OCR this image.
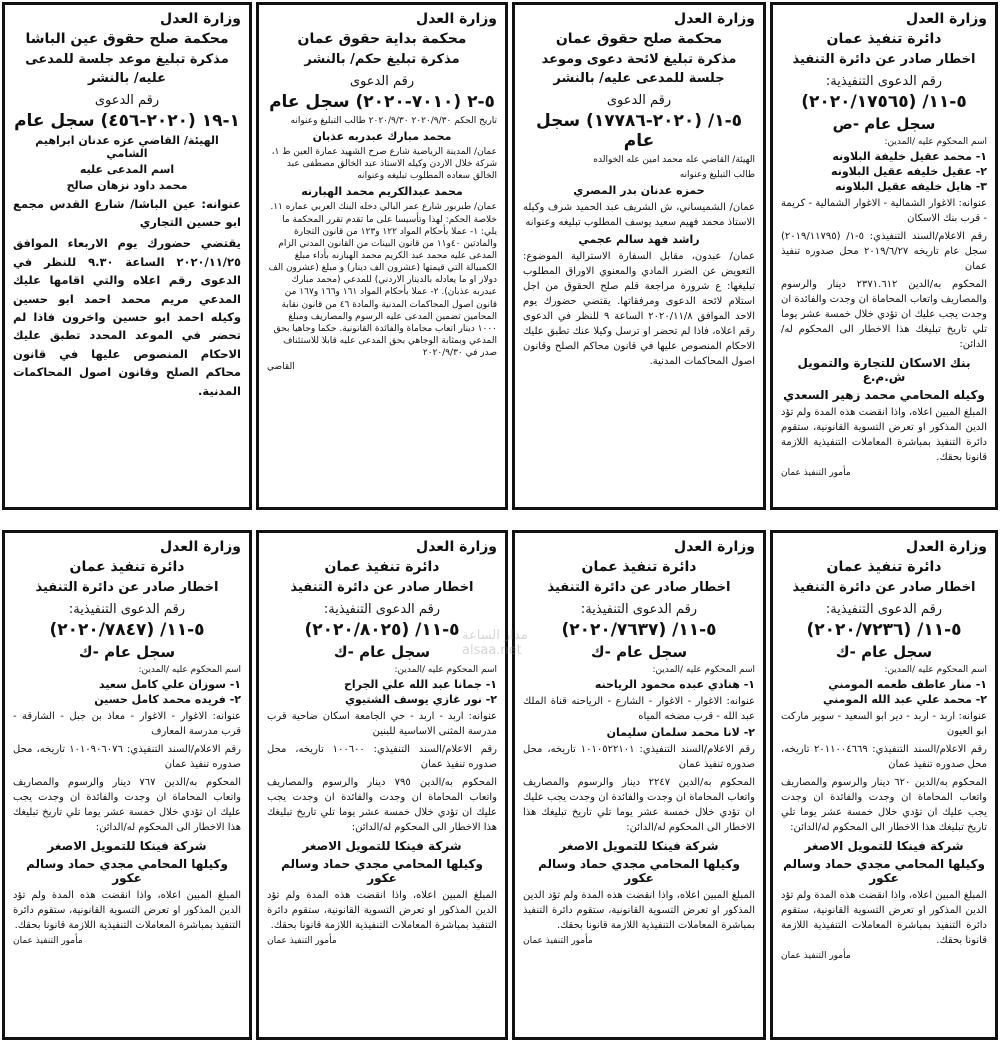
وزارة العدل
دائرة تنفيذ عمان
اخطار صادر عن دائرة التنفيذ
رقم الدعوى التنفيذية:
٥-١١/ (٢٠٢٠/١٧٥٦٥)
سجل عام -ص
اسم المحكوم عليه /المدين:
١- محمد عقيل خليفة البلاونه
٢- عقيل خليفه عقيل البلاونه
٣- هايل خليفه عقيل البلاونه
عنوانه: الاغوار الشمالية - الاغوار الشمالية - كريمة - قرب بنك الاسكان
رقم الاعلام/السند التنفيذي: ٥-١/ (٢٠١٩/١١٧٩٥) سجل عام تاريخه ٢٠١٩/٦/٢٧ محل صدوره تنفيذ عمان
المحكوم به/الدين ٢٣٧١.٦١٢ دينار والرسوم والمصاريف واتعاب المحاماة ان وجدت والفائدة ان وجدت يجب عليك ان تؤدي خلال خمسة عشر يوما تلي تاريخ تبليغك هذا الاخطار الى المحكوم له/الدائن:
بنك الاسكان للتجارة والتمويل ش.م.ع
وكيله المحامي محمد زهير السعدي
المبلغ المبين اعلاه، واذا انقضت هذه المدة ولم تؤد الدين المذكور او تعرض التسوية القانونية، ستقوم دائرة التنفيذ بمباشرة المعاملات التنفيذية اللازمة قانونا بحقك.
مأمور التنفيذ عمان
وزارة العدل
محكمة صلح حقوق عمان
مذكرة تبليغ لائحة دعوى وموعد جلسة للمدعى عليه/ بالنشر
رقم الدعوى
٥-١/ (٢٠٢٠-١٧٧٨٦) سجل عام
الهيئة/ القاضي عله محمد امين عله الخوالده
طالب التبليغ وعنوانه
حمزه عدنان بدر المصري
عمان/ الشميساني، ش الشريف عبد الحميد شرف وكيله الاستاذ محمد فهيم سعيد يوسف المطلوب تبليغه وعنوانه
راشد فهد سالم عجمي
عمان/ عبدون، مقابل السفارة الاسترالية الموضوع: التعويض عن الضرر المادي والمعنوي الاوراق المطلوب تبليغها: ع شرورة مراجعة قلم صلح الحقوق من اجل استلام لائحة الدعوى ومرفقاتها. يقتضي حضورك يوم الاحد الموافق ٢٠٢٠/١١/٨ الساعة ٩ للنظر في الدعوى رقم اعلاه، فاذا لم تحضر او ترسل وكيلا عنك تطبق عليك الاحكام المنصوص عليها في قانون محاكم الصلح وقانون اصول المحاكمات المدنية.
وزارة العدل
محكمة بداية حقوق عمان
مذكرة تبليغ حكم/ بالنشر
رقم الدعوى
٥-٢ (٧٠١٠-٢٠٢٠) سجل عام
تاريخ الحكم ٢٠٢٠/٩/٣٠ ٢٠٢٠/٩/٣٠ طالب التبليغ وعنوانه
محمد مبارك عبدربه عذبان
عمان/ المدينة الرياضية شارع صرح الشهيد عمارة العين ط ١، شركة خلال الاردن وكيله الاستاذ عبد الخالق مصطفى عبد الخالق سعاده المطلوب تبليغه وعنوانه
محمد عبدالكريم محمد الهبارنه
عمان/ طبربور شارع عمر البالي دخله البنك العربي عماره ١١. خلاصة الحكم: لهذا وتأسيسا على ما تقدم تقرر المحكمة ما يلي: ١- عملا بأحكام المواد ١٢٢ و١٢٣ من قانون التجارة والمادتين ٤٠و١١ من قانون البينات من القانون المدني الزام المدعى عليه محمد عبد الكريم محمد الهبارنه بأداء مبلغ الكمبيالة التي قيمتها (عشرون الف دينار) و مبلغ (عشرون الف دولار او ما يعادله بالدينار الاردني) للمدعي (محمد مبارك عبدربه عذبان). ٢- عملا بأحكام المواد ١٦١ و١٦٦ و١٦٧ من قانون اصول المحاكمات المدنية والمادة ٤٦ من قانون نقابة المحامين تضمين المدعى عليه الرسوم والمصاريف ومبلغ ١٠٠٠ دينار اتعاب محاماة والفائدة القانونية. حكما وجاهيا بحق المدعي وبمثابة الوجاهي بحق المدعى عليه قابلا للاستئناف صدر في ٢٠٢٠/٩/٣٠
القاضي
وزارة العدل
محكمة صلح حقوق عين الباشا
مذكرة تبليغ موعد جلسة للمدعى عليه/ بالنشر
رقم الدعوى
١-١٩ (٢٠٢٠-٤٥٦) سجل عام
الهيئة/ القاضي عزه عدنان ابراهيم الشامي
اسم المدعى عليه
محمد داود نزهان صالح
عنوانه: عين الباشا/ شارع القدس مجمع ابو حسين التجاري
يقتضي حضورك يوم الاربعاء الموافق ٢٠٢٠/١١/٢٥ الساعة ٩.٣٠ للنظر في الدعوى رقم اعلاه والتي اقامها عليك المدعي مريم محمد احمد ابو حسين وكيله احمد ابو حسين واخرون فاذا لم تحضر في الموعد المحدد تطبق عليك الاحكام المنصوص عليها في قانون محاكم الصلح وقانون اصول المحاكمات المدنية.
وزارة العدل
دائرة تنفيذ عمان
اخطار صادر عن دائرة التنفيذ
رقم الدعوى التنفيذية:
٥-١١/ (٢٠٢٠/٧٢٣٦)
سجل عام -ك
اسم المحكوم عليه /المدين:
١- منار عاطف طعمه المومني
٢- محمد علي عبد الله المومني
عنوانه: اربد - اربد - دير ابو السعيد - سوبر ماركت ابو العيون
رقم الاعلام/السند التنفيذي: ٢٠١١٠٠٤٦٦٩ تاريخه، محل صدوره تنفيذ عمان
المحكوم به/الدين ٦٢٠ دينار والرسوم والمصاريف واتعاب المحاماة ان وجدت والفائدة ان وجدت يجب عليك ان تؤدي خلال خمسة عشر يوما تلي تاريخ تبليغك هذا الاخطار الى المحكوم له/الدائن:
شركة فينكا للتمويل الاصغر
وكيلها المحامي مجدي حماد وسالم عكور
المبلغ المبين اعلاه، واذا انقضت هذه المدة ولم تؤد الدين المذكور او تعرض التسوية القانونية، ستقوم دائرة التنفيذ بمباشرة المعاملات التنفيذية اللازمة قانونا بحقك.
مأمور التنفيذ عمان
وزارة العدل
دائرة تنفيذ عمان
اخطار صادر عن دائرة التنفيذ
رقم الدعوى التنفيذية:
٥-١١/ (٢٠٢٠/٧٦٣٧)
سجل عام -ك
اسم المحكوم عليه /المدين:
١- هنادي عبده محمود الرياحنه
عنوانه: الاغوار - الاغوار - الشارع - الرياحنه قناة الملك عبد الله - قرب مضخه المياه
٢- لانا محمد سلمان سليمان
رقم الاعلام/السند التنفيذي: ١٠١٠٥٢٢١٠١ تاريخه، محل صدوره تنفيذ عمان
المحكوم به/الدين ٢٢٤٧ دينار والرسوم والمصاريف واتعاب المحاماة ان وجدت والفائدة ان وجدت يجب عليك ان تؤدي خلال خمسة عشر يوما تلي تاريخ تبليغك هذا الاخطار الى المحكوم له/الدائن:
شركة فينكا للتمويل الاصغر
وكيلها المحامي مجدي حماد وسالم عكور
المبلغ المبين اعلاه، واذا انقضت هذه المدة ولم تؤد الدين المذكور او تعرض التسوية القانونية، ستقوم دائرة التنفيذ بمباشرة المعاملات التنفيذية اللازمة قانونا بحقك.
مأمور التنفيذ عمان
وزارة العدل
دائرة تنفيذ عمان
اخطار صادر عن دائرة التنفيذ
رقم الدعوى التنفيذية:
٥-١١/ (٢٠٢٠/٨٠٢٥)
سجل عام -ك
اسم المحكوم عليه /المدين:
١- جمانا عبد الله علي الجراح
٢- نور غازي يوسف الشتيوي
عنوانه: اربد - اربد - حي الجامعة اسكان ضاحية قرب مدرسة المثنى الاساسية للبنين
رقم الاعلام/السند التنفيذي: ١٠٠٦٠٠ تاريخه، محل صدوره تنفيذ عمان
المحكوم به/الدين ٧٩٥ دينار والرسوم والمصاريف واتعاب المحاماة ان وجدت والفائدة ان وجدت يجب عليك ان تؤدي خلال خمسة عشر يوما تلي تاريخ تبليغك هذا الاخطار الى المحكوم له/الدائن:
شركة فينكا للتمويل الاصغر
وكيلها المحامي مجدي حماد وسالم عكور
المبلغ المبين اعلاه، واذا انقضت هذه المدة ولم تؤد الدين المذكور او تعرض التسوية القانونية، ستقوم دائرة التنفيذ بمباشرة المعاملات التنفيذية اللازمة قانونا بحقك.
مأمور التنفيذ عمان
وزارة العدل
دائرة تنفيذ عمان
اخطار صادر عن دائرة التنفيذ
رقم الدعوى التنفيذية:
٥-١١/ (٢٠٢٠/٧٨٤٧)
سجل عام -ك
اسم المحكوم عليه /المدين:
١- سوزان علي كامل سعيد
٢- فريده محمد كامل حسين
عنوانه: الاغوار - الاغوار - معاذ بن جبل - الشارقة - قرب مدرسة المعارف
رقم الاعلام/السند التنفيذي: ١٠١٠٩٠٦٠٧٦ تاريخه، محل صدوره تنفيذ عمان
المحكوم به/الدين ٧٦٧ دينار والرسوم والمصاريف واتعاب المحاماة ان وجدت والفائدة ان وجدت يجب عليك ان تؤدي خلال خمسة عشر يوما تلي تاريخ تبليغك هذا الاخطار الى المحكوم له/الدائن:
شركة فينكا للتمويل الاصغر
وكيلها المحامي مجدي حماد وسالم عكور
المبلغ المبين اعلاه، واذا انقضت هذه المدة ولم تؤد الدين المذكور او تعرض التسوية القانونية، ستقوم دائرة التنفيذ بمباشرة المعاملات التنفيذية اللازمة قانونا بحقك.
مأمور التنفيذ عمان
مدار الساعة
alsaa.net
